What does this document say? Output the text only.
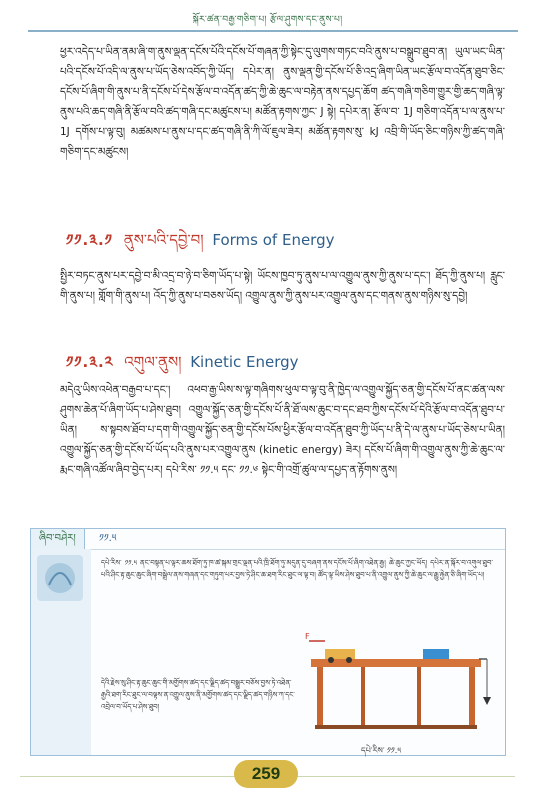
སྐོར་ཚན་བརྒྱ་གཅིག་པ། རྩོལ་ཤུགས་དང་ནུས་པ།
ཕྱར་འདེད་པ་ཡིན་ནམ་ཞི་ག་ནུས་ལྡན་དངོས་པོའི་དངོས་པོ་གཞན་ཀྱི་སྟེང་དུ་ལུགས་གཏང་བའི་ནུས་པ་བསྒྲུབ་ཐུབ་ན། ཡུལ་ཡང་ཡིན་པའི་དངོས་པོ་འདི་ལ་ནུས་པ་ཡོད་ཅེས་འབོད་ཀྱི་ཡོད། དཔེར་ན། ནུས་ལྡན་གྱི་དངོས་པོ་ཅི་འདྲ་ཞིག་ཡིན་ཡང་རྩོལ་བ་འདོན་ཐུབ་ཅིང་དངོས་པོ་ཞིག་གི་ནུས་པ་ནི་དངོས་པོ་དེས་རྩོལ་བ་འདོན་ཚད་ཀྱི་ཆེ་ཆུང་ལ་བརྟེན་ནས་དཔྱད་ཆོག ཚད་གཞི་གཅིག་གྱུར་གྱི་ཆད་གཞི་ལྟ་ནུས་པའི་ཆད་གཞི་ནི་རྩོལ་བའི་ཚད་གཞི་དང་མཚུངས་པ། མཚོན་རྟགས་ཀྱང་ J སྟེ། དཔེར་ན། རྩོལ་བ་ 1J གཅིག་འདོན་པ་ལ་ནུས་པ་ 1J དགོས་པ་ལྟ་བུ། མཚམས་པ་ནུས་པ་དང་ཚད་གཞི་ནི་ཀི་ལོ་ཇུལ་ཟེར། མཚོན་རྟགས་སུ་ kJ འབྲི་གི་ཡོད་ཅིང་གཉིས་ཀྱི་ཚད་གཞི་གཅིག་དང་མཚུངས།
༡༡.༣.༡ ནུས་པའི་དབྱེ་བ། Forms of Energy
སྤྱིར་བཏང་ནུས་པར་དབྱེ་བ་མི་འདྲ་བ་ཉེ་བ་ཅིག་ཡོད་པ་སྟེ། ཡོངས་ཁྱབ་ཏུ་ནུས་པ་ལ་འགྱུལ་ནུས་ཀྱི་ནུས་པ་དང་། ཐོད་ཀྱི་ནུས་པ། རླུང་གི་ནུས་པ། གློག་གི་ནུས་པ། འོད་ཀྱི་ནུས་པ་བཅས་ཡོད། འགྱུལ་ནུས་ཀྱི་ནུས་པར་འགྱུལ་ནུས་དང་གནས་ནུས་གཉིས་སུ་དབྱེ།
༡༡.༣.༢ འགུལ་ནུས། Kinetic Energy
མདེའུ་ཡིས་འཕེན་བརྒྱབ་པ་དང་། འཕབ་རྒྱ་ཡིས་ས་ལྟ་གཞིགས་ཕུལ་བ་ལྟ་བུ་ནི་ཁྱེད་ལ་འགྱུལ་སྐྱོད་ཅན་གྱི་དངོས་པོ་ནང་ཚན་ལས་ཤུགས་ཆེན་པོ་ཞིག་ཡོད་པ་ཤེས་ཐུབ། འགྱུལ་སྐྱོད་ཅན་གྱི་དངོས་པོ་ནི་ཐོ་ལས་ཆུང་བ་དང་ཐབ་ཀྱིས་དངོས་པོ་དེའི་རྩོལ་བ་འདོན་ཐུབ་པ་ཡིན། ས་སྟབས་ཐོབ་པ་དག་གི་འགྱུལ་སྐྱོད་ཅན་གྱི་དངོས་པོས་ཕྱིར་རྩོལ་བ་འདོན་ཐུབ་ཀྱི་ཡོད་པ་ནི་དེ་ལ་ནུས་པ་ཡོད་ཅེས་པ་ཡིན། འགྱུལ་སྐྱོད་ཅན་གྱི་དངོས་པོ་ཡོད་པའི་ནུས་པར་འགྱུལ་ནུས (kinetic energy) ཟེར། དངོས་པོ་ཞིག་གི་འགྱུལ་ནུས་ཀྱི་ཆེ་ཆུང་ལ་རྨང་གཞི་འཚོལ་ཞིབ་བྱེད་པར། དཔེ་རིས་ ༡༡.༥ དང་ ༡༡.༦ སྟེང་གི་འགྲོ་ཚུལ་ལ་དཔྱད་ན་རྟོགས་ནུས།
ཞིབ་བཤེར།	༡༡.༥
དཔེ་རིས་ ༡༡.༥ ནང་བསྟན་པ་ལྟར་ཆས་ཐོག་ཏུ་ཁ་ཚ་སྐམ་གྲང་ལྡན་པའི་ཁྲི་ཐོག་ཏུ་མདུན་དུ་བཞག་ནས་དངོས་པོ་ཞིག་འཐེན་རྒྱ། ཆེ་ཆུང་ཀྱང་ཡོད། དཔེར་ན་སྐོར་བ་འགུལ་ཐུབ་པའི་ཤིང་རྟ་ཆུང་ཆུང་ཞིག་བསྒྲེལ་ནས་གཞན་དང་གཏུག་པར་བྱས་ཏེ་ཤིང་ཆ་ཐག་རིང་ཐུང་ལ་ལྟ་བ། ཚོད་ལྟ་ཡིས་ཤེས་ཐུབ་པ་ནི་འགྱུལ་ནུས་ཀྱི་ཆེ་ཆུང་ལ་རྒྱུ་རྐྱེན་ཅི་ཞིག་ཡོད་པ།
དེའི་རྗེས་སུ་ཤིང་རྟ་ཆུང་ཆུང་གི་མགྱོགས་ཚད་དང་ལྗིད་ཚད་བསྒྱུར་བཅོས་བྱས་ཏེ་འཐེན་རྒྱའི་ཐག་རིང་ཐུང་ལ་བལྟས་ན་འགྱུལ་ནུས་ནི་མགྱོགས་ཚད་དང་ལྗིད་ཚད་གཉིས་ཀ་དང་འབྲེལ་བ་ཡོད་པ་ཤེས་ཐུབ།
F
དཔེ་རིས་ ༡༡.༥
259
